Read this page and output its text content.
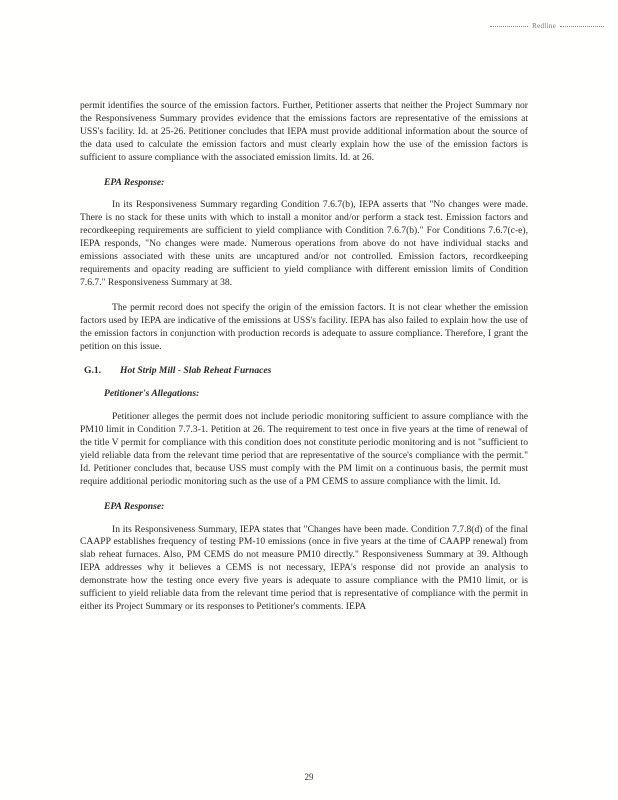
Redline

permit identifies the source of the emission factors. Further, Petitioner asserts that neither the Project Summary nor the Responsiveness Summary provides evidence that the emissions factors are representative of the emissions at USS's facility. Id. at 25-26. Petitioner concludes that IEPA must provide additional information about the source of the data used to calculate the emission factors and must clearly explain how the use of the emission factors is sufficient to assure compliance with the associated emission limits. Id. at 26.

EPA Response:

In its Responsiveness Summary regarding Condition 7.6.7(b), IEPA asserts that "No changes were made. There is no stack for these units with which to install a monitor and/or perform a stack test. Emission factors and recordkeeping requirements are sufficient to yield compliance with Condition 7.6.7(b)." For Conditions 7.6.7(c-e), IEPA responds, "No changes were made. Numerous operations from above do not have individual stacks and emissions associated with these units are uncaptured and/or not controlled. Emission factors, recordkeeping requirements and opacity reading are sufficient to yield compliance with different emission limits of Condition 7.6.7." Responsiveness Summary at 38.

The permit record does not specify the origin of the emission factors. It is not clear whether the emission factors used by IEPA are indicative of the emissions at USS's facility. IEPA has also failed to explain how the use of the emission factors in conjunction with production records is adequate to assure compliance. Therefore, I grant the petition on this issue.

G.1. Hot Strip Mill - Slab Reheat Furnaces
Petitioner's Allegations:

Petitioner alleges the permit does not include periodic monitoring sufficient to assure compliance with the PM10 limit in Condition 7.7.3-1. Petition at 26. The requirement to test once in five years at the time of renewal of the title V permit for compliance with this condition does not constitute periodic monitoring and is not "sufficient to yield reliable data from the relevant time period that are representative of the source's compliance with the permit." Id. Petitioner concludes that, because USS must comply with the PM limit on a continuous basis, the permit must require additional periodic monitoring such as the use of a PM CEMS to assure compliance with the limit. Id.

EPA Response:

In its Responsiveness Summary, IEPA states that "Changes have been made. Condition 7.7.8(d) of the final CAAPP establishes frequency of testing PM-10 emissions (once in five years at the time of CAAPP renewal) from slab reheat furnaces. Also, PM CEMS do not measure PM10 directly." Responsiveness Summary at 39. Although IEPA addresses why it believes a CEMS is not necessary, IEPA's response did not provide an analysis to demonstrate how the testing once every five years is adequate to assure compliance with the PM10 limit, or is sufficient to yield reliable data from the relevant time period that is representative of compliance with the permit in either its Project Summary or its responses to Petitioner's comments. IEPA

29
